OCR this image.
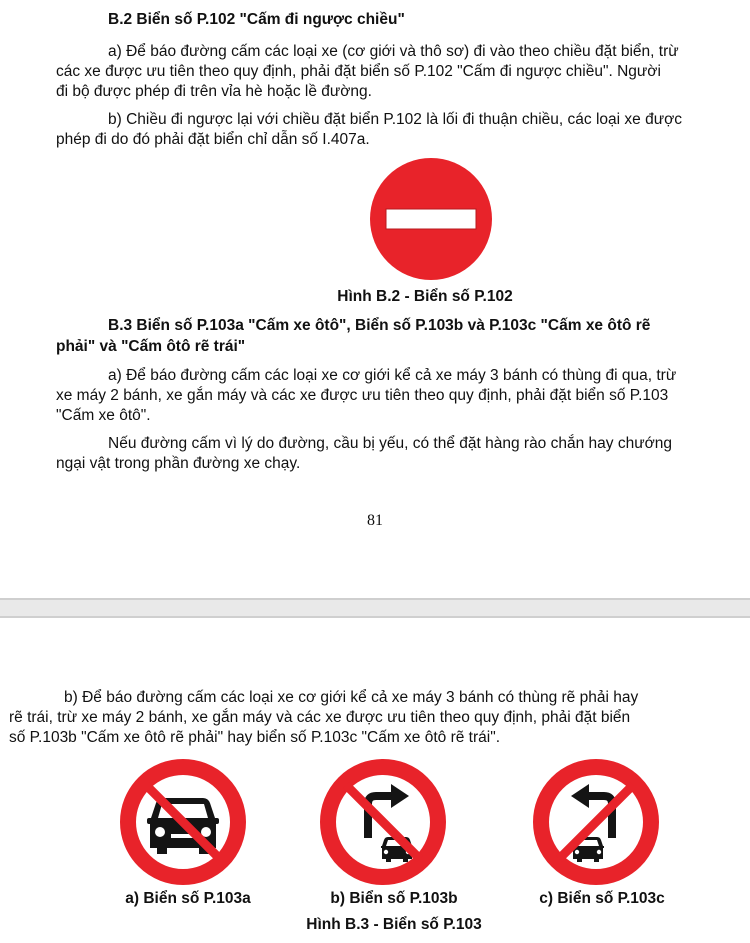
B.2 Biển số P.102 "Cấm đi ngược chiều"

a) Để báo đường cấm các loại xe (cơ giới và thô sơ) đi vào theo chiều đặt biển, trừ

các xe được ưu tiên theo quy định, phải đặt biển số P.102 "Cấm đi ngược chiều". Người

đi bộ được phép đi trên vỉa hè hoặc lề đường.

b) Chiều đi ngược lại với chiều đặt biển P.102 là lối đi thuận chiều, các loại xe được

phép đi do đó phải đặt biển chỉ dẫn số I.407a.

Hình B.2 - Biển số P.102

B.3 Biển số P.103a "Cấm xe ôtô", Biển số P.103b và P.103c "Cấm xe ôtô rẽ

phải" và "Cấm ôtô rẽ trái"

a) Để báo đường cấm các loại xe cơ giới kể cả xe máy 3 bánh có thùng đi qua, trừ

xe máy 2 bánh, xe gắn máy và các xe được ưu tiên theo quy định, phải đặt biển số P.103

"Cấm xe ôtô".

Nếu đường cấm vì lý do đường, cầu bị yếu, có thể đặt hàng rào chắn hay chướng

ngại vật trong phần đường xe chạy.

81

b) Để báo đường cấm các loại xe cơ giới kể cả xe máy 3 bánh có thùng rẽ phải hay

rẽ trái, trừ xe máy 2 bánh, xe gắn máy và các xe được ưu tiên theo quy định, phải đặt biển

số P.103b "Cấm xe ôtô rẽ phải" hay biển số P.103c "Cấm xe ôtô rẽ trái".

a) Biển số P.103a	b) Biển số P.103b	c) Biển số P.103c
Hình B.3 - Biển số P.103
